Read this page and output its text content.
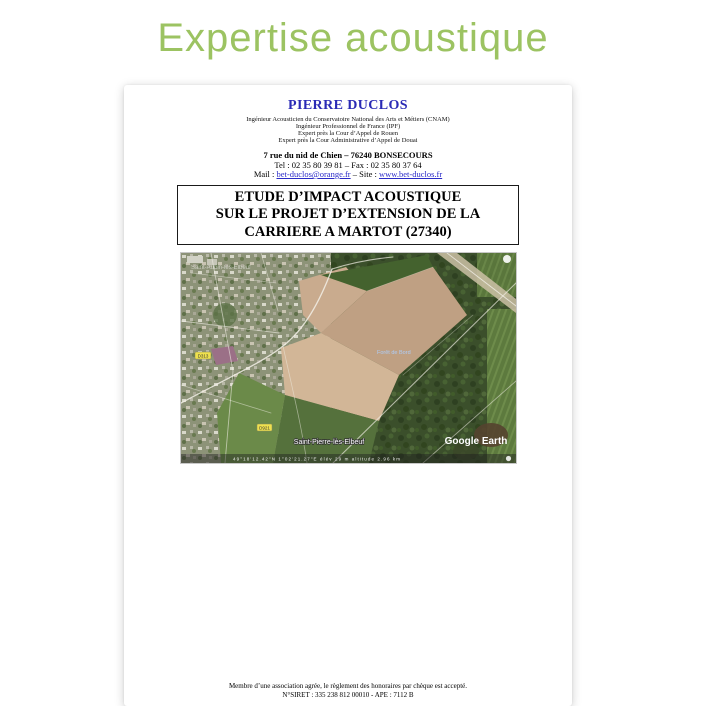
Expertise acoustique
PIERRE DUCLOS
Ingénieur Acousticien du Conservatoire National des Arts et Métiers (CNAM)
Ingénieur Professionnel de France (IPF)
Expert près la Cour d’Appel de Rouen
Expert près la Cour Administrative d’Appel de Douai
7 rue du nid de Chien – 76240 BONSECOURS
Tel : 02 35 80 39 81 – Fax : 02 35 80 37 64
Mail : bet-duclos@orange.fr – Site : www.bet-duclos.fr
ETUDE D’IMPACT ACOUSTIQUE
SUR LE PROJET D’EXTENSION DE LA
CARRIERE A MARTOT (27340)
Saint-Aubin-lès-Elbeuf
D313
D921
Forêt de Bord
Saint-Pierre-lès-Elbeuf	Google Earth
49°18'12.42"N 1°02'21.27"E élév 29 m altitude 2.96 km
Membre d’une association agrée, le règlement des honoraires par chèque est accepté.
N°SIRET : 335 238 812 00010 - APE : 7112 B
